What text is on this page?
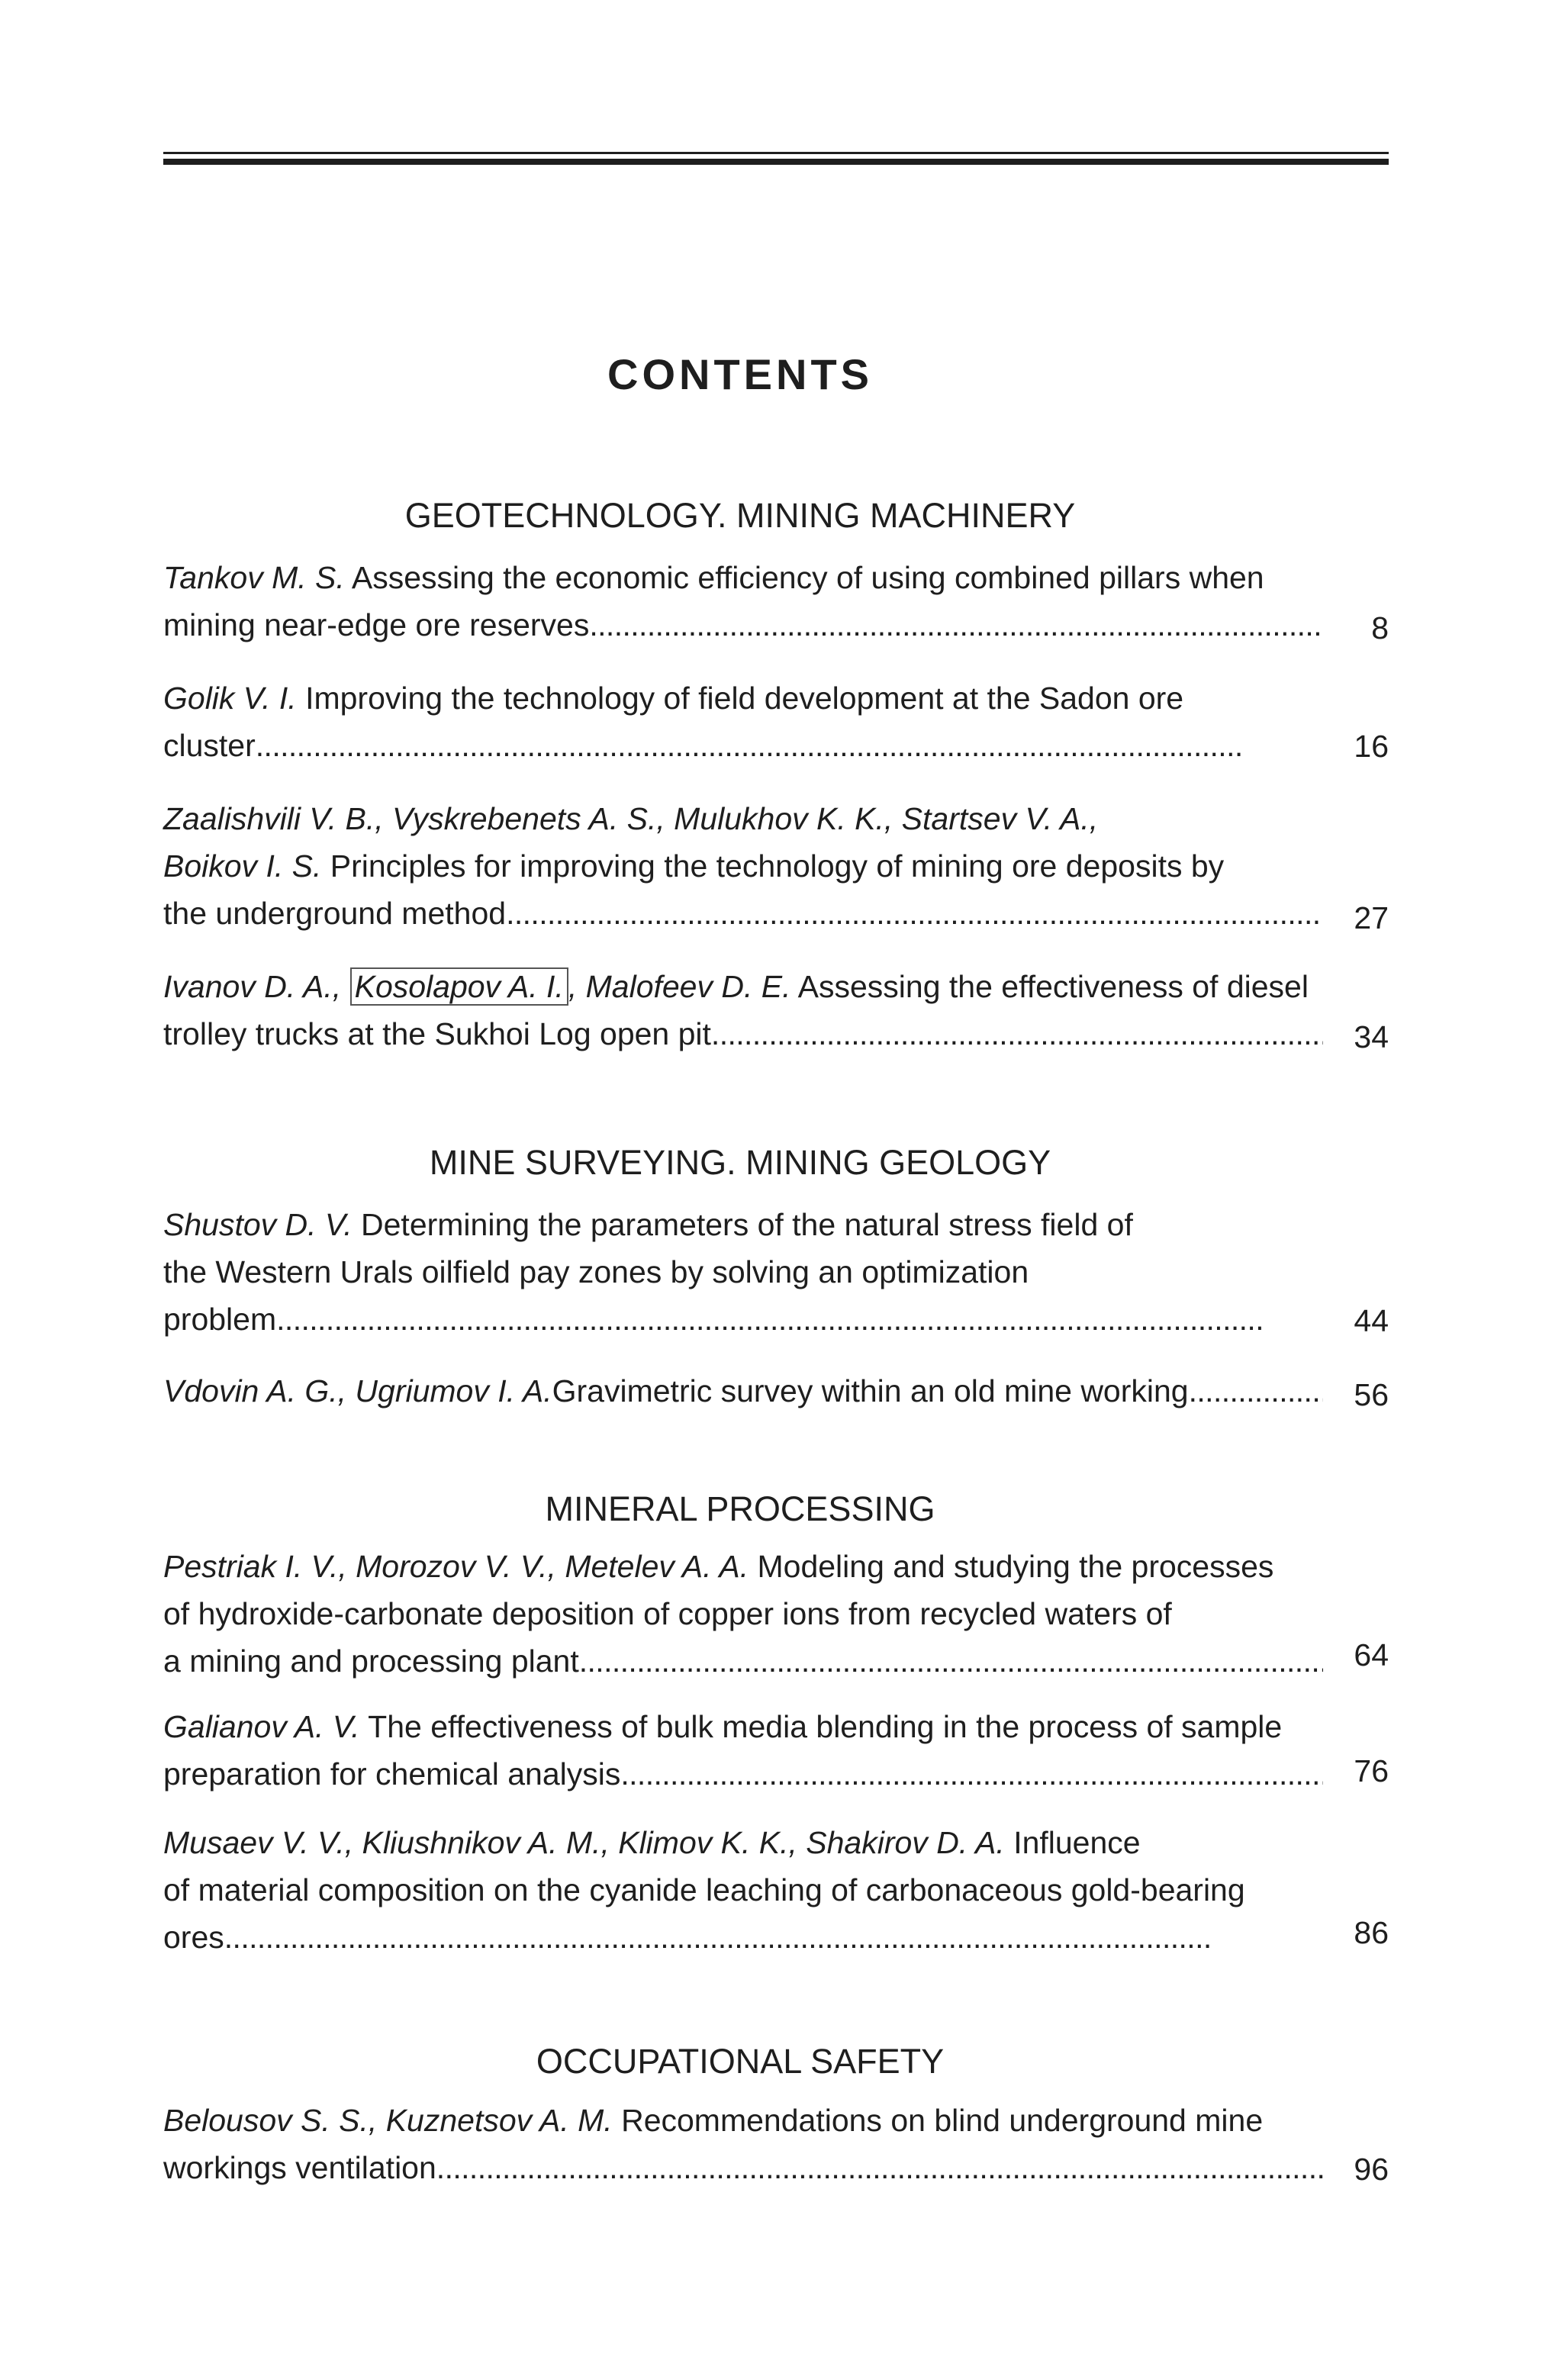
CONTENTS
GEOTECHNOLOGY. MINING MACHINERY
Tankov M. S. Assessing the economic efficiency of using combined pillars when
mining near-edge ore reserves . . .	8
Golik V. I. Improving the technology of field development at the Sadon ore
cluster . . .	16
Zaalishvili V. B., Vyskrebenets A. S., Mulukhov K. K., Startsev V. A.,
Boikov I. S. Principles for improving the technology of mining ore deposits by
the underground method . . .	27
Ivanov D. A., Kosolapov A. I. , Malofeev D. E. Assessing the effectiveness of diesel
trolley trucks at the Sukhoi Log open pit
. . .	34
MINE SURVEYING. MINING GEOLOGY
Shustov D. V. Determining the parameters of the natural stress field of
the Western Urals oilfield pay zones by solving an optimization
problem . . .	44
Vdovin A. G., Ugriumov I. A. Gravimetric survey within an old mine working . . .	56
MINERAL PROCESSING
Pestriak I. V., Morozov V. V., Metelev A. A. Modeling and studying the processes
of hydroxide-carbonate deposition of copper ions from recycled waters of
a mining and processing plant . . .	64
Galianov A. V. The effectiveness of bulk media blending in the process of sample
preparation for chemical analysis . . .	76
Musaev V. V., Kliushnikov A. M., Klimov K. K., Shakirov D. A. Influence
of material composition on the cyanide leaching of carbonaceous gold-bearing
ores . . .	86
OCCUPATIONAL SAFETY
Belousov S. S., Kuznetsov A. M. Recommendations on blind underground mine
workings ventilation . . .	96
